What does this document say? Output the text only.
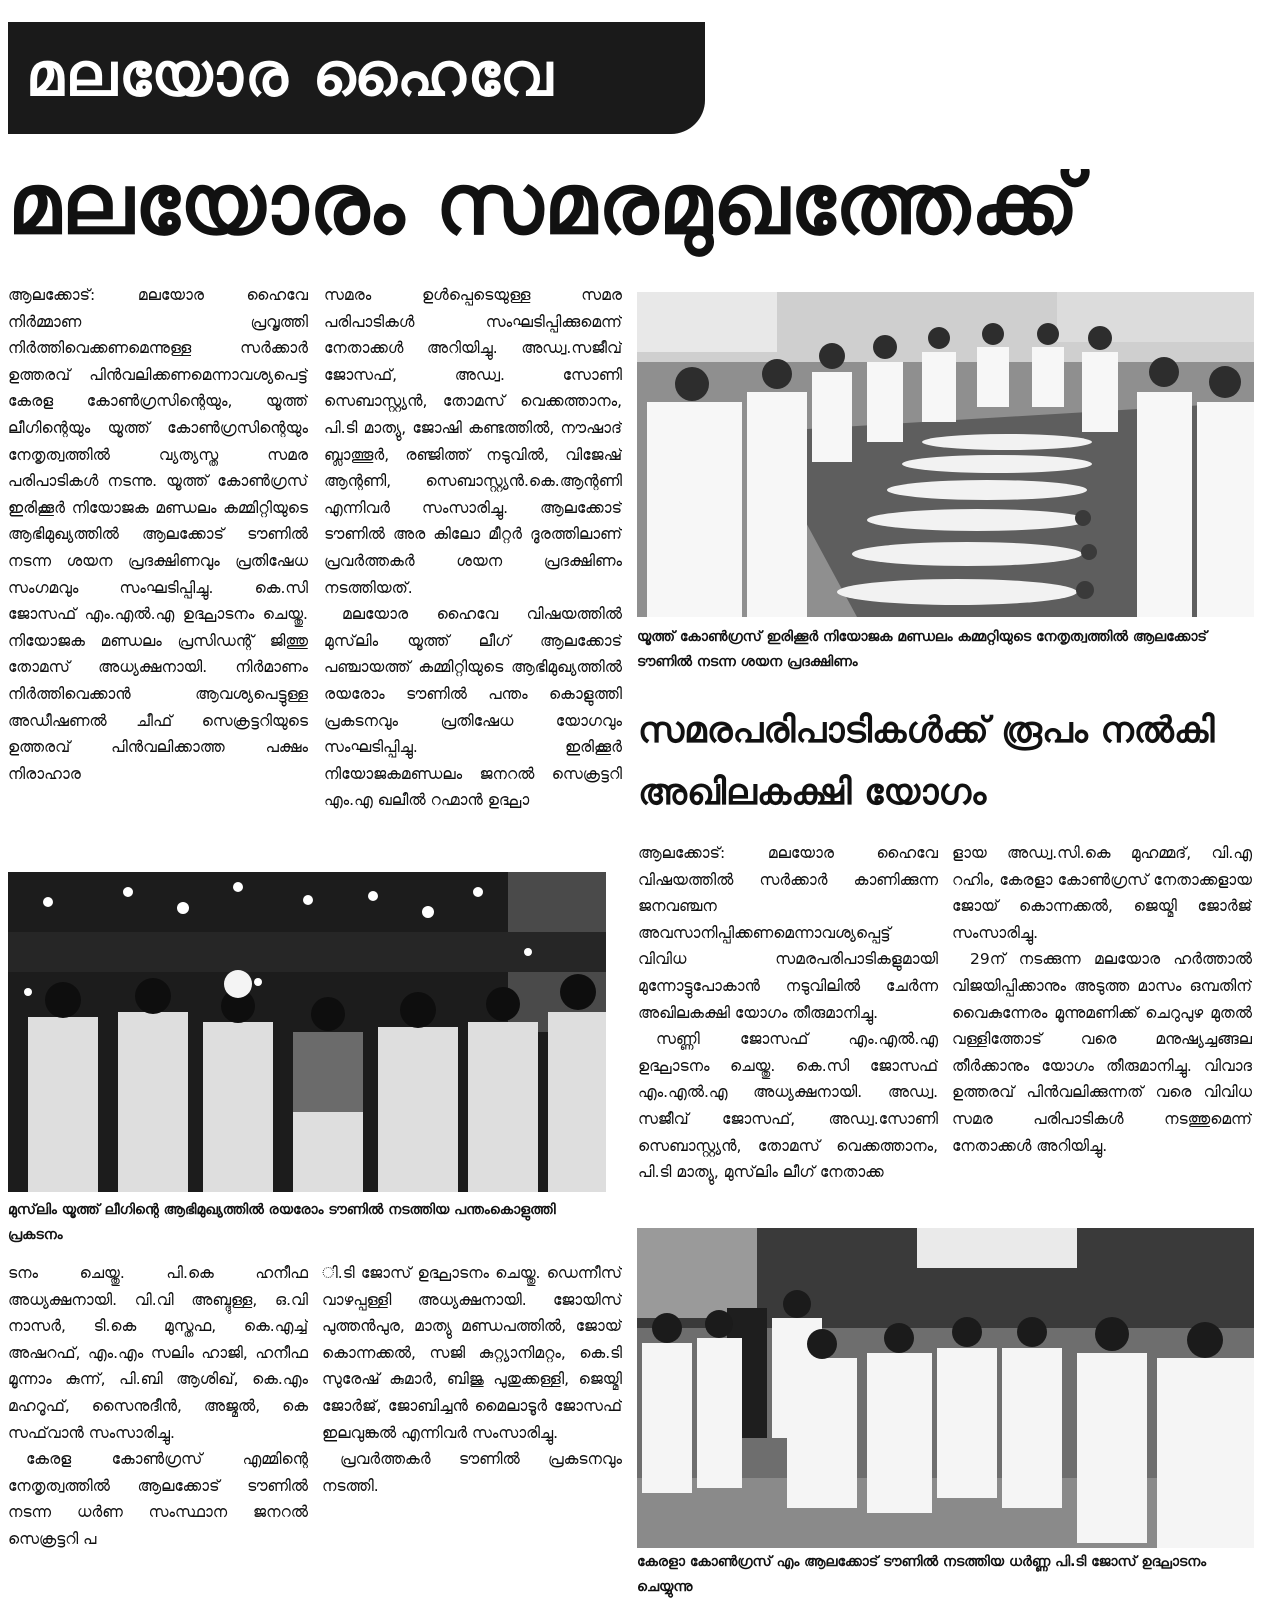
മലയോര ഹൈവേ
മലയോരം സമരമുഖത്തേക്ക്

ആലക്കോട്: മലയോര ഹൈവേ നിർമ്മാണ പ്രവൃത്തി നിർത്തിവെക്കണമെന്നുള്ള സർക്കാർ ഉത്തരവ് പിൻവലിക്കണമെന്നാവശ്യപെട്ട് കേരള കോൺഗ്രസിന്റെയും, യൂത്ത് ലീഗിന്റെയും യൂത്ത് കോൺഗ്രസിന്റെയും നേതൃത്വത്തിൽ വ്യത്യസ്ത സമര പരിപാടികൾ നടന്നു. യൂത്ത് കോൺഗ്രസ് ഇരിക്കൂർ നിയോജക മണ്ഡലം കമ്മിറ്റിയുടെ ആഭിമുഖ്യത്തിൽ ആലക്കോട് ടൗണിൽ നടന്ന ശയന പ്രദക്ഷിണവും പ്രതിഷേധ സംഗമവും സംഘടിപ്പിച്ചു. കെ.സി ജോസഫ് എം.എൽ.എ ഉദ്ഘാടനം ചെയ്തു. നിയോജക മണ്ഡലം പ്രസിഡന്റ് ജിത്തു തോമസ് അധ്യക്ഷനായി. നിർമാണം നിർത്തിവെക്കാൻ ആവശ്യപെട്ടുള്ള അഡീഷണൽ ചീഫ് സെക്രട്ടറിയുടെ ഉത്തരവ് പിൻവലിക്കാത്ത പക്ഷം നിരാഹാര

സമരം ഉൾപ്പെടെയുള്ള സമര പരിപാടികൾ സംഘടിപ്പിക്കുമെന്ന് നേതാക്കൾ അറിയിച്ചു. അഡ്വ.സജീവ് ജോസഫ്, അഡ്വ. സോണി സെബാസ്റ്റ്യൻ, തോമസ് വെക്കത്താനം, പി.ടി മാത്യു, ജോഷി കണ്ടത്തിൽ, നൗഷാദ് ബ്ലാത്തൂർ, രഞ്ജിത്ത് നടുവിൽ, വിജേഷ് ആന്റണി, സെബാസ്റ്റ്യൻ.കെ.ആന്റണി എന്നിവർ സംസാരിച്ചു. ആലക്കോട് ടൗണിൽ അര കിലോ മീറ്റർ ദൂരത്തിലാണ് പ്രവർത്തകർ ശയന പ്രദക്ഷിണം നടത്തിയത്.

മലയോര ഹൈവേ വിഷയത്തിൽ മുസ്‌ലിം യൂത്ത് ലീഗ് ആലക്കോട് പഞ്ചായത്ത് കമ്മിറ്റിയുടെ ആഭിമുഖ്യത്തിൽ രയരോം ടൗണിൽ പന്തം കൊളുത്തി പ്രകടനവും പ്രതിഷേധ യോഗവും സംഘടിപ്പിച്ചു. ഇരിക്കൂർ നിയോജകമണ്ഡലം ജനറൽ സെക്രട്ടറി എം.എ ഖലീൽ റഹ്മാൻ ഉദ്ഘാ

യൂത്ത് കോൺഗ്രസ് ഇരിക്കൂർ നിയോജക മണ്ഡലം കമ്മറ്റിയുടെ നേതൃത്വത്തിൽ ആലക്കോട് ടൗണിൽ നടന്ന ശയന പ്രദക്ഷിണം
സമരപരിപാടികൾക്ക് രൂപം നൽകി അഖിലകക്ഷി യോഗം

ആലക്കോട്: മലയോര ഹൈവേ വിഷയത്തിൽ സർക്കാർ കാണിക്കുന്ന ജനവഞ്ചന അവസാനിപ്പിക്കണമെന്നാവശ്യപ്പെട്ട് വിവിധ സമരപരിപാടികളുമായി മുന്നോട്ടുപോകാൻ നടുവിലിൽ ചേർന്ന അഖിലകക്ഷി യോഗം തീരുമാനിച്ചു.

സണ്ണി ജോസഫ് എം.എൽ.എ ഉദ്ഘാടനം ചെയ്തു. കെ.സി ജോസഫ് എം.എൽ.എ അധ്യക്ഷനായി. അഡ്വ. സജീവ് ജോസഫ്, അഡ്വ.സോണി സെബാസ്റ്റ്യൻ, തോമസ് വെക്കത്താനം, പി.ടി മാത്യു, മുസ്‌ലിം ലീഗ് നേതാക്ക

ളായ അഡ്വ.സി.കെ മുഹമ്മദ്, വി.എ റഹിം, കേരളാ കോൺഗ്രസ് നേതാക്കളായ ജോയ് കൊന്നക്കൽ, ജെയ്മി ജോർജ് സംസാരിച്ചു.

29ന് നടക്കുന്ന മലയോര ഹർത്താൽ വിജയിപ്പിക്കാനും അടുത്ത മാസം ഒമ്പതിന് വൈകുന്നേരം മൂന്നുമണിക്ക് ചെറുപുഴ മുതൽ വള്ളിത്തോട് വരെ മനുഷ്യച്ചങ്ങല തീർക്കാനും യോഗം തീരുമാനിച്ചു. വിവാദ ഉത്തരവ് പിൻവലിക്കുന്നത് വരെ വിവിധ സമര പരിപാടികൾ നടത്തുമെന്ന് നേതാക്കൾ അറിയിച്ചു.

മുസ്‌ലിം യൂത്ത് ലീഗിന്റെ ആഭിമുഖ്യത്തിൽ രയരോം ടൗണിൽ നടത്തിയ പന്തംകൊളുത്തി പ്രകടനം

ടനം ചെയ്തു. പി.കെ ഹനീഫ അധ്യക്ഷനായി. വി.വി അബ്ദുള്ള, ഒ.വി നാസർ, ടി.കെ മുസ്തഫ, കെ.എച്ച് അഷറഫ്, എം.എം സലിം ഹാജി, ഹനീഫ മൂന്നാം കുന്ന്, പി.ബി ആശിഖ്, കെ.എം മഹറൂഫ്, സൈനുദീൻ, അജ്മൽ, കെ സഫ്‌വാൻ സംസാരിച്ചു.

കേരള കോൺഗ്രസ് എമ്മിന്റെ നേതൃത്വത്തിൽ ആലക്കോട് ടൗണിൽ നടന്ന ധർണ സംസ്ഥാന ജനറൽ സെക്രട്ടറി പ

ി.ടി ജോസ് ഉദ്ഘാടനം ചെയ്തു. ഡെന്നീസ് വാഴപ്പള്ളി അധ്യക്ഷനായി. ജോയിസ് പുത്തൻപുര, മാത്യു മണ്ഡപത്തിൽ, ജോയ് കൊന്നക്കൽ, സജി കുറ്റ്യാനിമറ്റം, കെ.ടി സുരേഷ് കുമാർ, ബിജു പുതുക്കള്ളി, ജെയ്മി ജോർജ്, ജോബിച്ചൻ മൈലാടൂർ ജോസഫ് ഇലവുങ്കൽ എന്നിവർ സംസാരിച്ചു.

പ്രവർത്തകർ ടൗണിൽ പ്രകടനവും നടത്തി.

കേരളാ കോൺഗ്രസ് എം ആലക്കോട് ടൗണിൽ നടത്തിയ ധർണ്ണ പി.ടി ജോസ് ഉദ്ഘാടനം ചെയ്യുന്നു
